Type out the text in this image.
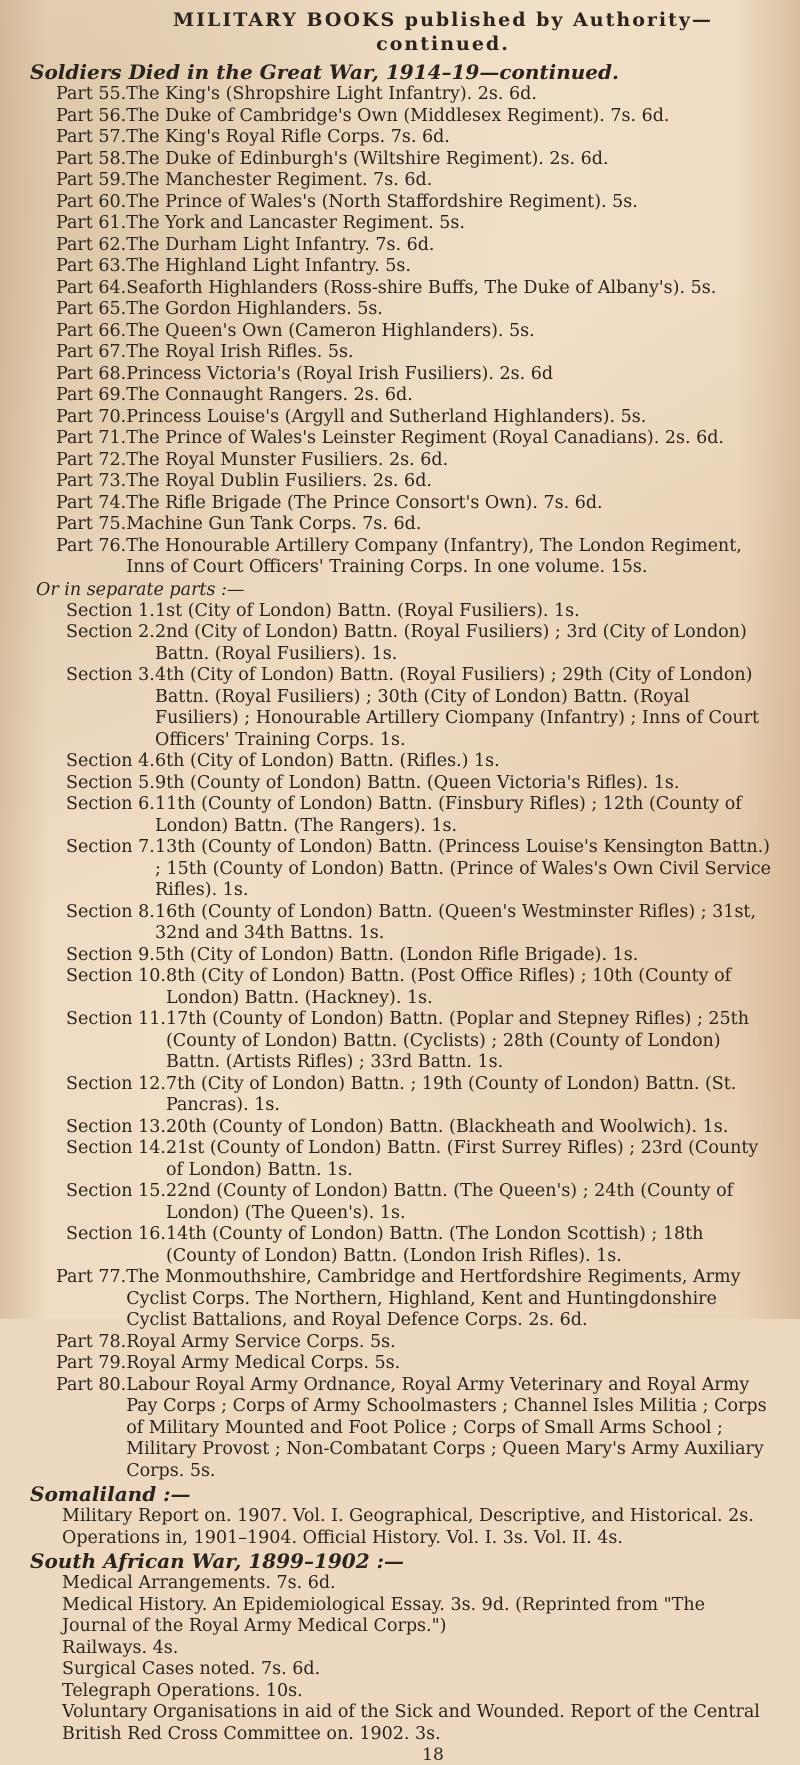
MILITARY BOOKS published by Authority—continued.
Soldiers Died in the Great War, 1914–19—continued.
Part 55. The King's (Shropshire Light Infantry). 2s. 6d.
Part 56. The Duke of Cambridge's Own (Middlesex Regiment). 7s. 6d.
Part 57. The King's Royal Rifle Corps. 7s. 6d.
Part 58. The Duke of Edinburgh's (Wiltshire Regiment). 2s. 6d.
Part 59. The Manchester Regiment. 7s. 6d.
Part 60. The Prince of Wales's (North Staffordshire Regiment). 5s.
Part 61. The York and Lancaster Regiment. 5s.
Part 62. The Durham Light Infantry. 7s. 6d.
Part 63. The Highland Light Infantry. 5s.
Part 64. Seaforth Highlanders (Ross-shire Buffs, The Duke of Albany's). 5s.
Part 65. The Gordon Highlanders. 5s.
Part 66. The Queen's Own (Cameron Highlanders). 5s.
Part 67. The Royal Irish Rifles. 5s.
Part 68. Princess Victoria's (Royal Irish Fusiliers). 2s. 6d
Part 69. The Connaught Rangers. 2s. 6d.
Part 70. Princess Louise's (Argyll and Sutherland Highlanders). 5s.
Part 71. The Prince of Wales's Leinster Regiment (Royal Canadians). 2s. 6d.
Part 72. The Royal Munster Fusiliers. 2s. 6d.
Part 73. The Royal Dublin Fusiliers. 2s. 6d.
Part 74. The Rifle Brigade (The Prince Consort's Own). 7s. 6d.
Part 75. Machine Gun Tank Corps. 7s. 6d.
Part 76. The Honourable Artillery Company (Infantry), The London Regiment, Inns of Court Officers' Training Corps. In one volume. 15s.
Or in separate parts :—
Section 1. 1st (City of London) Battn. (Royal Fusiliers). 1s.
Section 2. 2nd (City of London) Battn. (Royal Fusiliers) ; 3rd (City of London) Battn. (Royal Fusiliers). 1s.
Section 3. 4th (City of London) Battn. (Royal Fusiliers) ; 29th (City of London) Battn. (Royal Fusiliers) ; 30th (City of London) Battn. (Royal Fusiliers) ; Honourable Artillery Ciompany (Infantry) ; Inns of Court Officers' Training Corps. 1s.
Section 4. 6th (City of London) Battn. (Rifles.) 1s.
Section 5. 9th (County of London) Battn. (Queen Victoria's Rifles). 1s.
Section 6. 11th (County of London) Battn. (Finsbury Rifles) ; 12th (County of London) Battn. (The Rangers). 1s.
Section 7. 13th (County of London) Battn. (Princess Louise's Kensington Battn.) ; 15th (County of London) Battn. (Prince of Wales's Own Civil Service Rifles). 1s.
Section 8. 16th (County of London) Battn. (Queen's Westminster Rifles) ; 31st, 32nd and 34th Battns. 1s.
Section 9. 5th (City of London) Battn. (London Rifle Brigade). 1s.
Section 10. 8th (City of London) Battn. (Post Office Rifles) ; 10th (County of London) Battn. (Hackney). 1s.
Section 11. 17th (County of London) Battn. (Poplar and Stepney Rifles) ; 25th (County of London) Battn. (Cyclists) ; 28th (County of London) Battn. (Artists Rifles) ; 33rd Battn. 1s.
Section 12. 7th (City of London) Battn. ; 19th (County of London) Battn. (St. Pancras). 1s.
Section 13. 20th (County of London) Battn. (Blackheath and Woolwich). 1s.
Section 14. 21st (County of London) Battn. (First Surrey Rifles) ; 23rd (County of London) Battn. 1s.
Section 15. 22nd (County of London) Battn. (The Queen's) ; 24th (County of London) (The Queen's). 1s.
Section 16. 14th (County of London) Battn. (The London Scottish) ; 18th (County of London) Battn. (London Irish Rifles). 1s.
Part 77. The Monmouthshire, Cambridge and Hertfordshire Regiments, Army Cyclist Corps. The Northern, Highland, Kent and Huntingdonshire Cyclist Battalions, and Royal Defence Corps. 2s. 6d.
Part 78. Royal Army Service Corps. 5s.
Part 79. Royal Army Medical Corps. 5s.
Part 80. Labour Royal Army Ordnance, Royal Army Veterinary and Royal Army Pay Corps ; Corps of Army Schoolmasters ; Channel Isles Militia ; Corps of Military Mounted and Foot Police ; Corps of Small Arms School ; Military Provost ; Non-Combatant Corps ; Queen Mary's Army Auxiliary Corps. 5s.
Somaliland :—
Military Report on. 1907. Vol. I. Geographical, Descriptive, and Historical. 2s.
Operations in, 1901–1904. Official History. Vol. I. 3s. Vol. II. 4s.
South African War, 1899–1902 :—
Medical Arrangements. 7s. 6d.
Medical History. An Epidemiological Essay. 3s. 9d. (Reprinted from "The Journal of the Royal Army Medical Corps.")
Railways. 4s.
Surgical Cases noted. 7s. 6d.
Telegraph Operations. 10s.
Voluntary Organisations in aid of the Sick and Wounded. Report of the Central British Red Cross Committee on. 1902. 3s.
18
